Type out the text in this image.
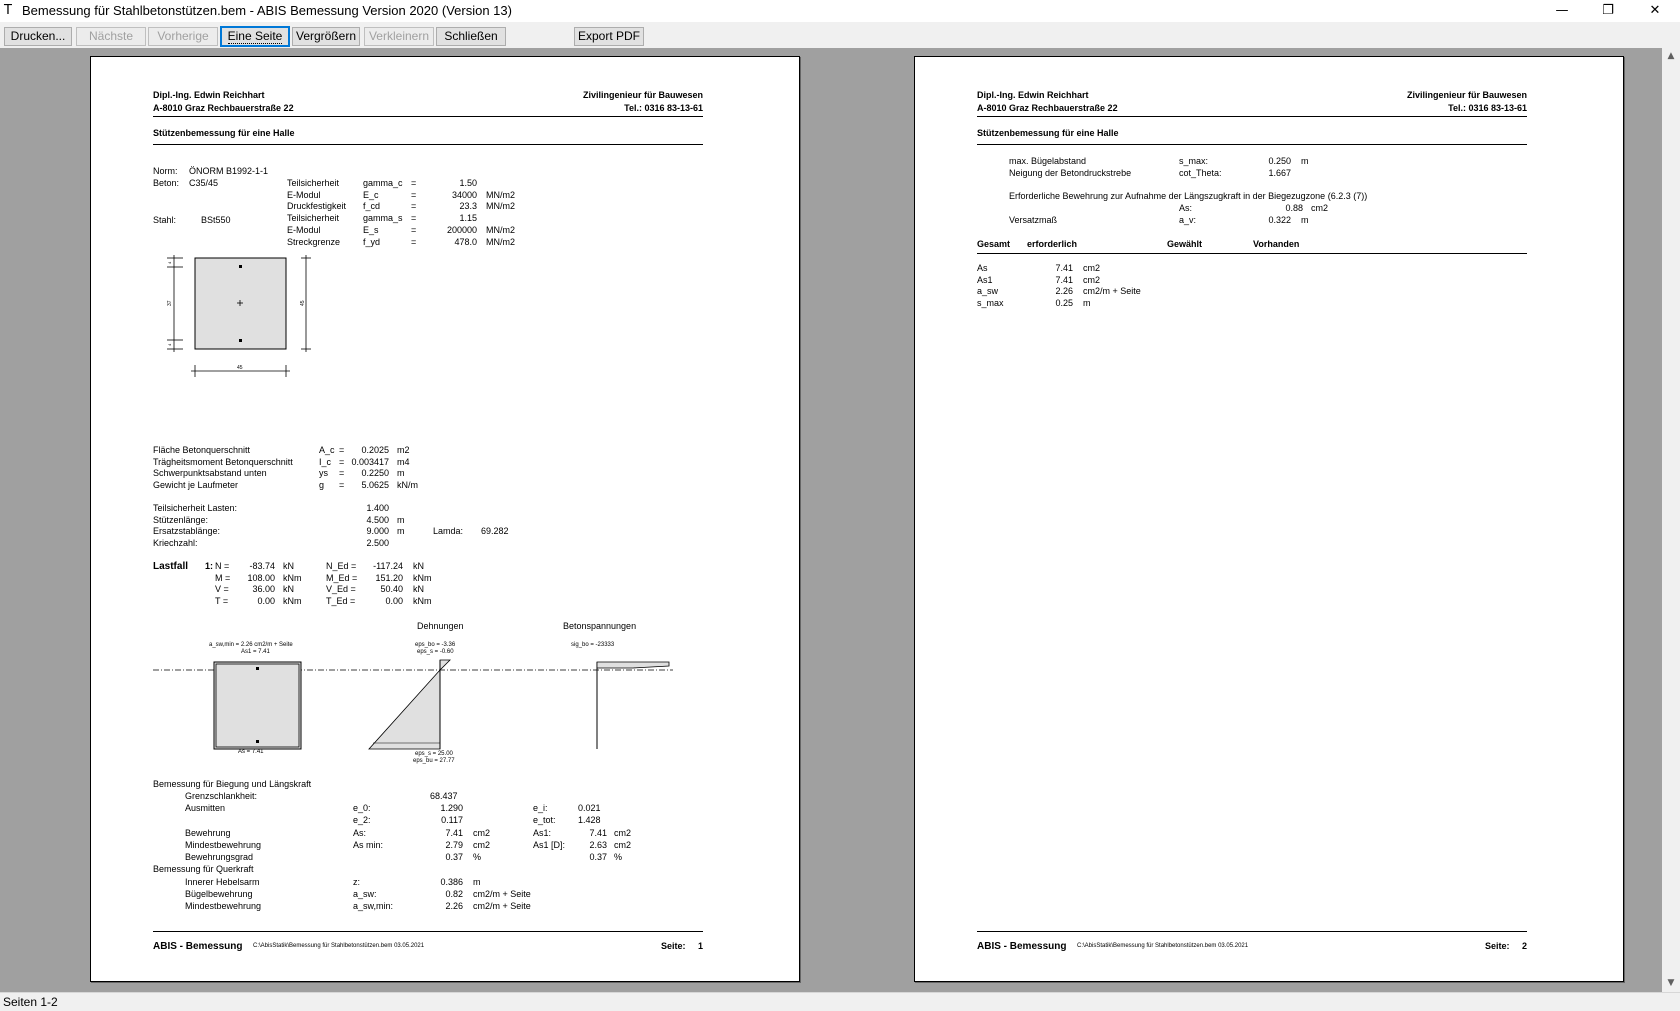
T Bemessung für Stahlbetonstützen.bem - ABIS Bemessung Version 2020 (Version 13)	—	❐	✕
Drucken...	Nächste	Vorherige	Eine Seite	Vergrößern	Verkleinern	Schließen	Export PDF
▲
▼
Dipl.-Ing. Edwin Reichhart
A-8010 Graz Rechbauerstraße 22
Zivilingenieur für Bauwesen
Tel.: 0316 83-13-61
Stützenbemessung für eine Halle
Norm: ÖNORM B1992-1-1
Beton: C35/45
Stahl:	BSt550
Teilsicherheit	gamma_c =	1.50
E-Modul	E_c	=	34000 MN/m2
Druckfestigkeit f_cd	=	23.3 MN/m2
Teilsicherheit	gamma_s =	1.15
E-Modul	E_s	=	200000 MN/m2
Streckgrenze	f_yd	=	478.0 MN/m2
37	45
45
4
4
Fläche Betonquerschnitt	A_c =	0.2025 m2
Trägheitsmoment Betonquerschnitt	I_c = 0.003417 m4
Schwerpunktsabstand unten	ys =	0.2250 m
Gewicht je Laufmeter	g =	5.0625 kN/m
Teilsicherheit Lasten:	1.400
Stützenlänge:	4.500 m
Ersatzstablänge:	9.000 m
Kriechzahl:	2.500
Lamda: 69.282
Lastfall 1: N =	-83.74 kN	N_Ed =	-117.24 kN
M =	108.00 kNm	M_Ed =	151.20 kNm
V =	36.00 kN	V_Ed =	50.40 kN
T =	0.00 kNm	T_Ed =	0.00 kNm
Dehnungen	Betonspannungen
a_sw,min = 2.26 cm2/m + Seite
As1 = 7.41
eps_bo = -3.36
eps_s = -0.60
sig_bo = -23333
As = 7.41	eps_s = 25.00
eps_bu = 27.77
Bemessung für Biegung und Längskraft
Grenzschlankheit:	68.437
Ausmitten	e_0:	1.290	e_i:	0.021
e_2:	0.117	e_tot: 1.428
Bewehrung	As:	7.41 cm2	As1:	7.41 cm2
Mindestbewehrung	As min:	2.79 cm2	As1 [D]:	2.63 cm2
Bewehrungsgrad	0.37 %	0.37 %
Bemessung für Querkraft
Innerer Hebelsarm	z:	0.386 m
Bügelbewehrung	a_sw:	0.82 cm2/m + Seite
Mindestbewehrung	a_sw,min:	2.26 cm2/m + Seite
ABIS - Bemessung C:\AbisStatik\Bemessung für Stahlbetonstützen.bem 03.05.2021	Seite:	1
Dipl.-Ing. Edwin Reichhart
A-8010 Graz Rechbauerstraße 22
Zivilingenieur für Bauwesen
Tel.: 0316 83-13-61
Stützenbemessung für eine Halle
max. Bügelabstand	s_max:	0.250 m
Neigung der Betondruckstrebe	cot_Theta:	1.667
Erforderliche Bewehrung zur Aufnahme der Längszugkraft in der Biegezugzone (6.2.3 (7))
As:	0.88 cm2
Versatzmaß	a_v:	0.322 m
Gesamt erforderlich	Gewählt	Vorhanden
As	7.41 cm2
As1	7.41 cm2
a_sw	2.26 cm2/m + Seite
s_max	0.25 m
ABIS - Bemessung C:\AbisStatik\Bemessung für Stahlbetonstützen.bem 03.05.2021	Seite:	2
Seiten 1-2
